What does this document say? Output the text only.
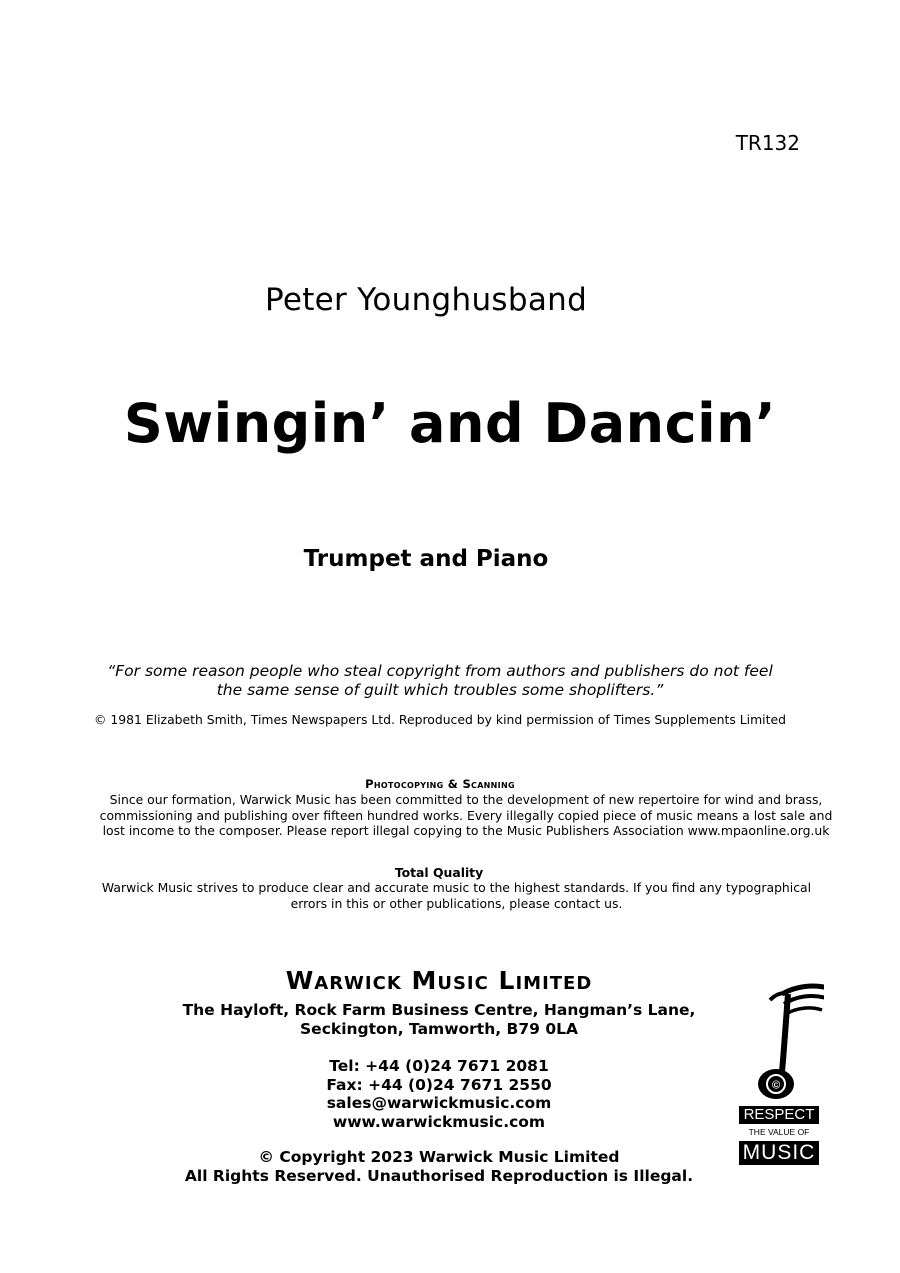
TR132
Peter Younghusband
Swingin’ and Dancin’
Trumpet and Piano
“For some reason people who steal copyright from authors and publishers do not feel
the same sense of guilt which troubles some shoplifters.”
© 1981 Elizabeth Smith, Times Newspapers Ltd. Reproduced by kind permission of Times Supplements Limited
Photocopying & Scanning
Since our formation, Warwick Music has been committed to the development of new repertoire for wind and brass,
commissioning and publishing over fifteen hundred works. Every illegally copied piece of music means a lost sale and
lost income to the composer. Please report illegal copying to the Music Publishers Association www.mpaonline.org.uk
Total Quality
Warwick Music strives to produce clear and accurate music to the highest standards. If you find any typographical
errors in this or other publications, please contact us.
Warwick Music Limited
The Hayloft, Rock Farm Business Centre, Hangman’s Lane,
Seckington, Tamworth, B79 0LA
Tel: +44 (0)24 7671 2081
Fax: +44 (0)24 7671 2550
sales@warwickmusic.com
www.warwickmusic.com
© Copyright 2023 Warwick Music Limited
All Rights Reserved. Unauthorised Reproduction is Illegal.
©
RESPECT
THE VALUE OF
MUSIC
